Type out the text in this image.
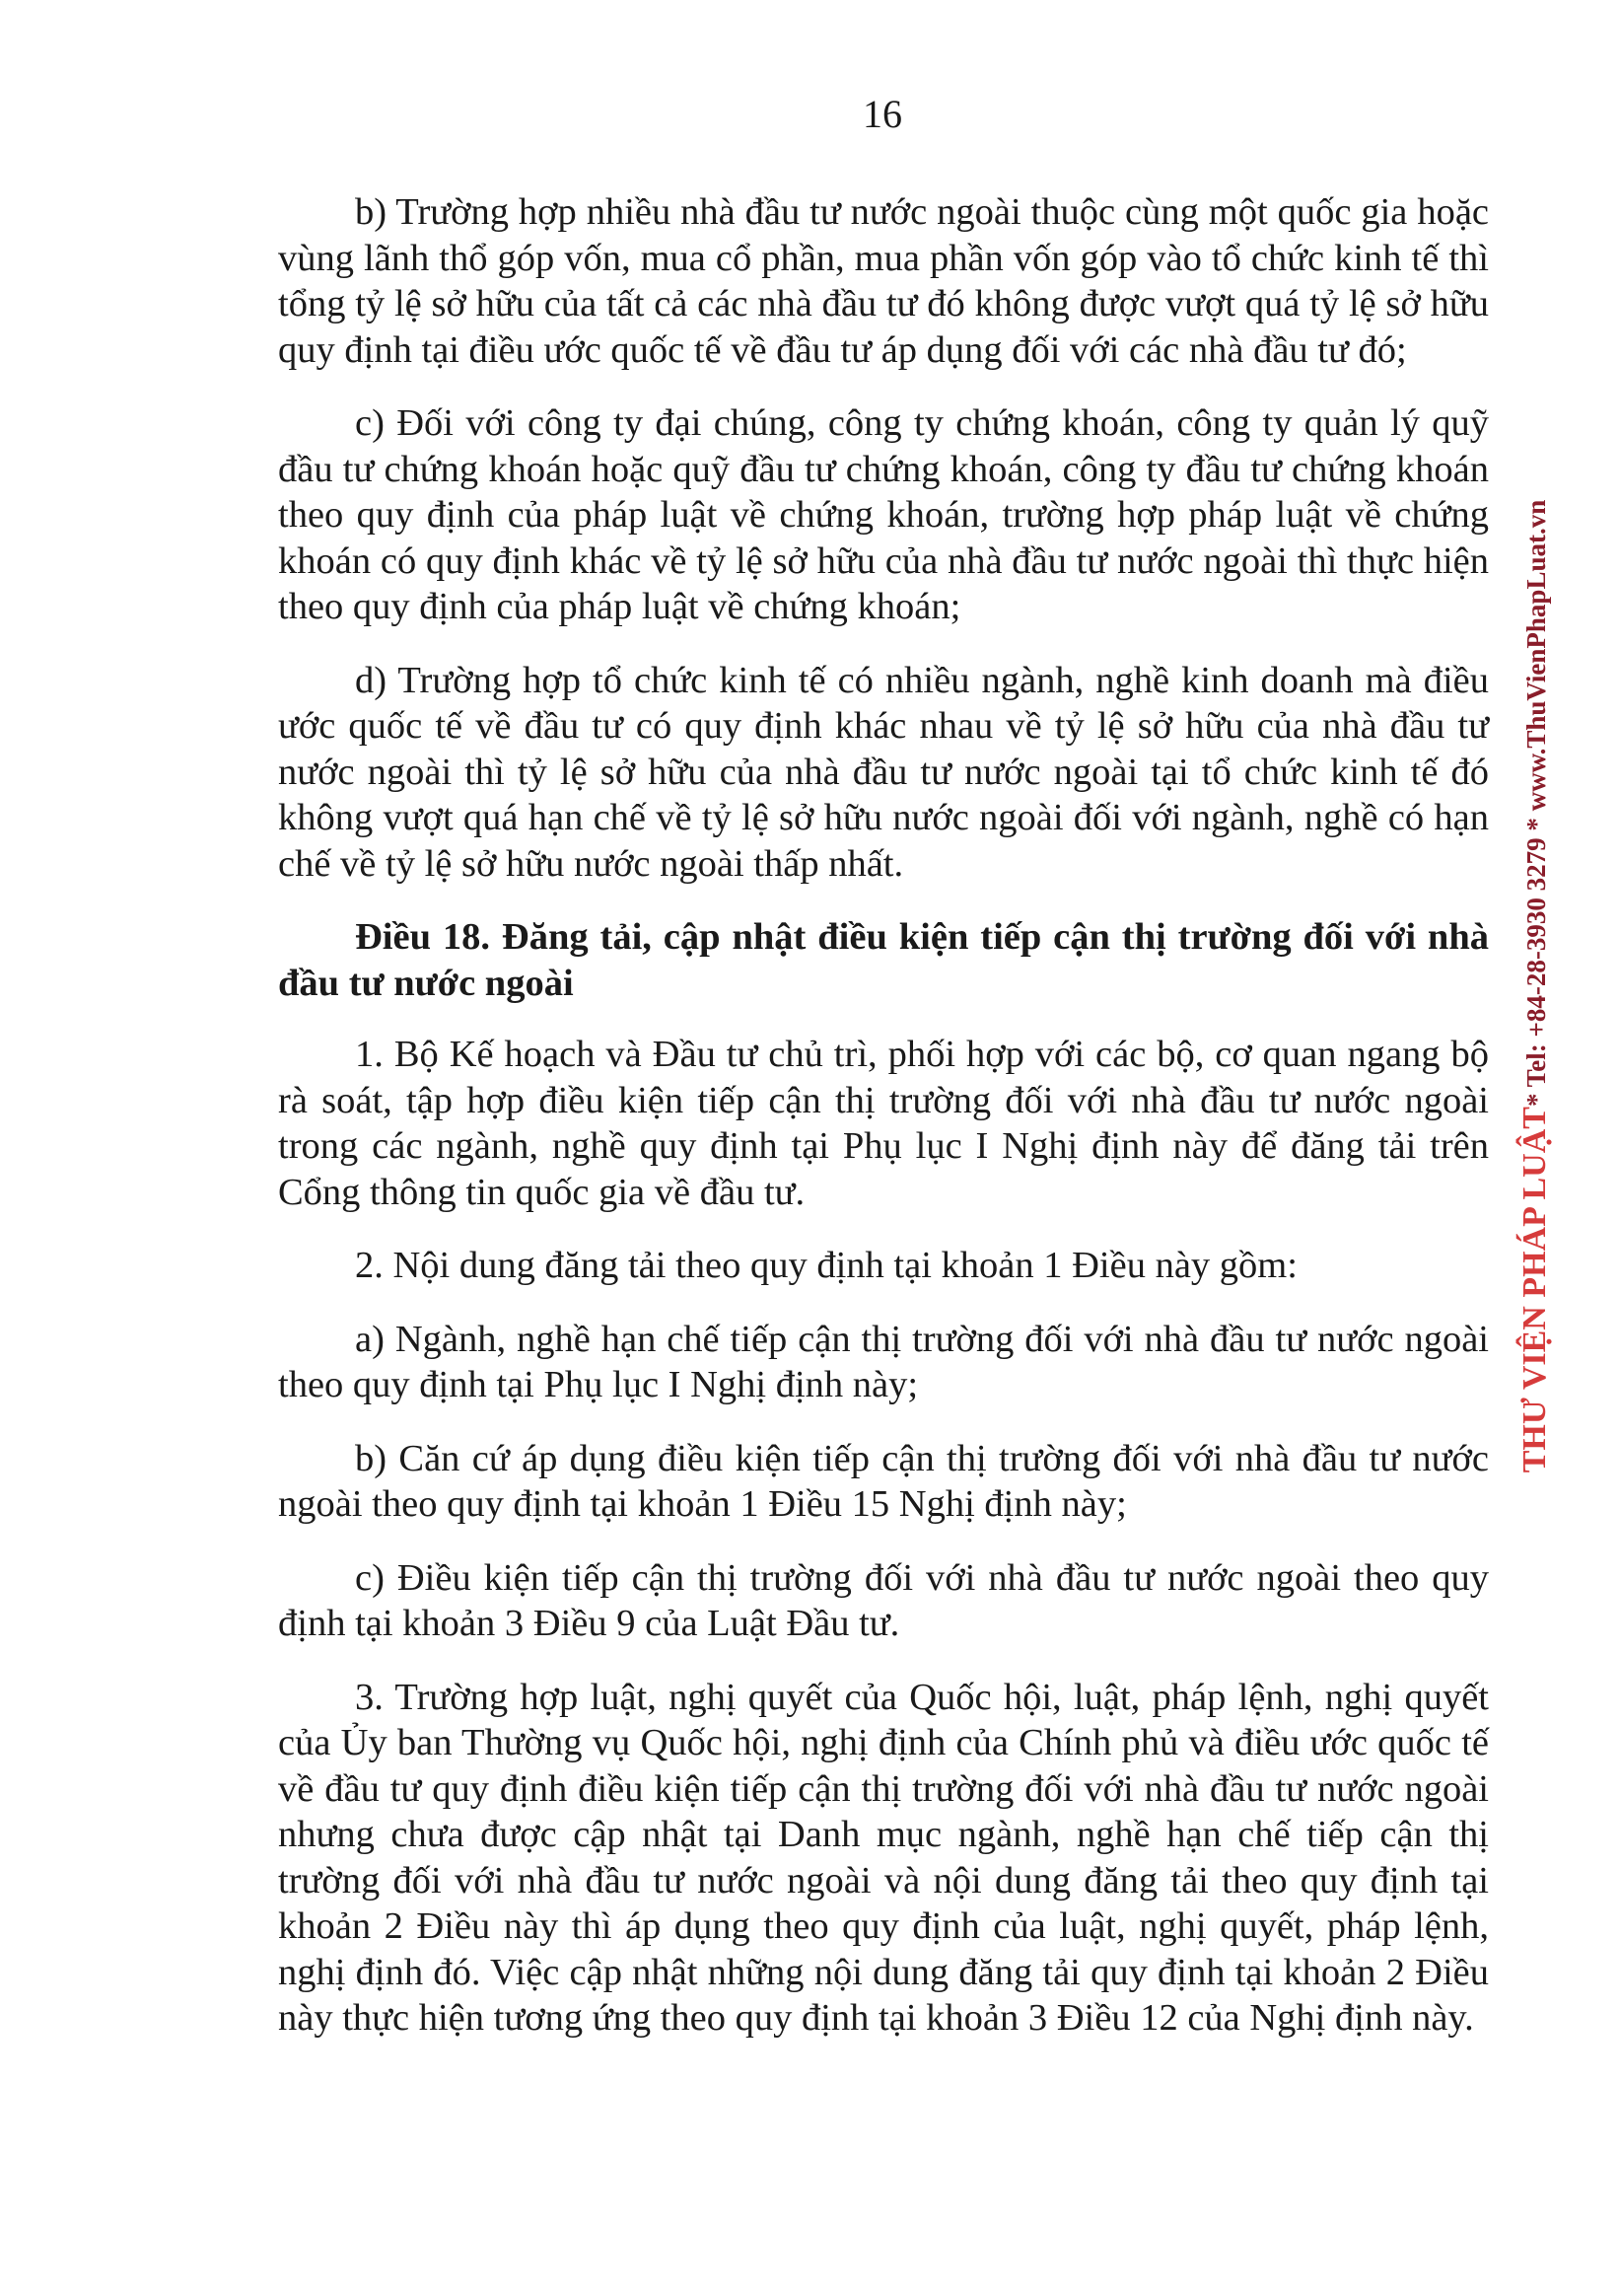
16

b) Trường hợp nhiều nhà đầu tư nước ngoài thuộc cùng một quốc gia hoặc vùng lãnh thổ góp vốn, mua cổ phần, mua phần vốn góp vào tổ chức kinh tế thì tổng tỷ lệ sở hữu của tất cả các nhà đầu tư đó không được vượt quá tỷ lệ sở hữu quy định tại điều ước quốc tế về đầu tư áp dụng đối với các nhà đầu tư đó;

c) Đối với công ty đại chúng, công ty chứng khoán, công ty quản lý quỹ đầu tư chứng khoán hoặc quỹ đầu tư chứng khoán, công ty đầu tư chứng khoán theo quy định của pháp luật về chứng khoán, trường hợp pháp luật về chứng khoán có quy định khác về tỷ lệ sở hữu của nhà đầu tư nước ngoài thì thực hiện theo quy định của pháp luật về chứng khoán;

d) Trường hợp tổ chức kinh tế có nhiều ngành, nghề kinh doanh mà điều ước quốc tế về đầu tư có quy định khác nhau về tỷ lệ sở hữu của nhà đầu tư nước ngoài thì tỷ lệ sở hữu của nhà đầu tư nước ngoài tại tổ chức kinh tế đó không vượt quá hạn chế về tỷ lệ sở hữu nước ngoài đối với ngành, nghề có hạn chế về tỷ lệ sở hữu nước ngoài thấp nhất.

Điều 18. Đăng tải, cập nhật điều kiện tiếp cận thị trường đối với nhà đầu tư nước ngoài

1. Bộ Kế hoạch và Đầu tư chủ trì, phối hợp với các bộ, cơ quan ngang bộ rà soát, tập hợp điều kiện tiếp cận thị trường đối với nhà đầu tư nước ngoài trong các ngành, nghề quy định tại Phụ lục I Nghị định này để đăng tải trên Cổng thông tin quốc gia về đầu tư.

2. Nội dung đăng tải theo quy định tại khoản 1 Điều này gồm:

a) Ngành, nghề hạn chế tiếp cận thị trường đối với nhà đầu tư nước ngoài theo quy định tại Phụ lục I Nghị định này;

b) Căn cứ áp dụng điều kiện tiếp cận thị trường đối với nhà đầu tư nước ngoài theo quy định tại khoản 1 Điều 15 Nghị định này;

c) Điều kiện tiếp cận thị trường đối với nhà đầu tư nước ngoài theo quy định tại khoản 3 Điều 9 của Luật Đầu tư.

3. Trường hợp luật, nghị quyết của Quốc hội, luật, pháp lệnh, nghị quyết của Ủy ban Thường vụ Quốc hội, nghị định của Chính phủ và điều ước quốc tế về đầu tư quy định điều kiện tiếp cận thị trường đối với nhà đầu tư nước ngoài nhưng chưa được cập nhật tại Danh mục ngành, nghề hạn chế tiếp cận thị trường đối với nhà đầu tư nước ngoài và nội dung đăng tải theo quy định tại khoản 2 Điều này thì áp dụng theo quy định của luật, nghị quyết, pháp lệnh, nghị định đó. Việc cập nhật những nội dung đăng tải quy định tại khoản 2 Điều này thực hiện tương ứng theo quy định tại khoản 3 Điều 12 của Nghị định này.

THƯ VIỆN PHÁP LUẬT* Tel: +84-28-3930 3279 * www.ThuVienPhapLuat.vn
